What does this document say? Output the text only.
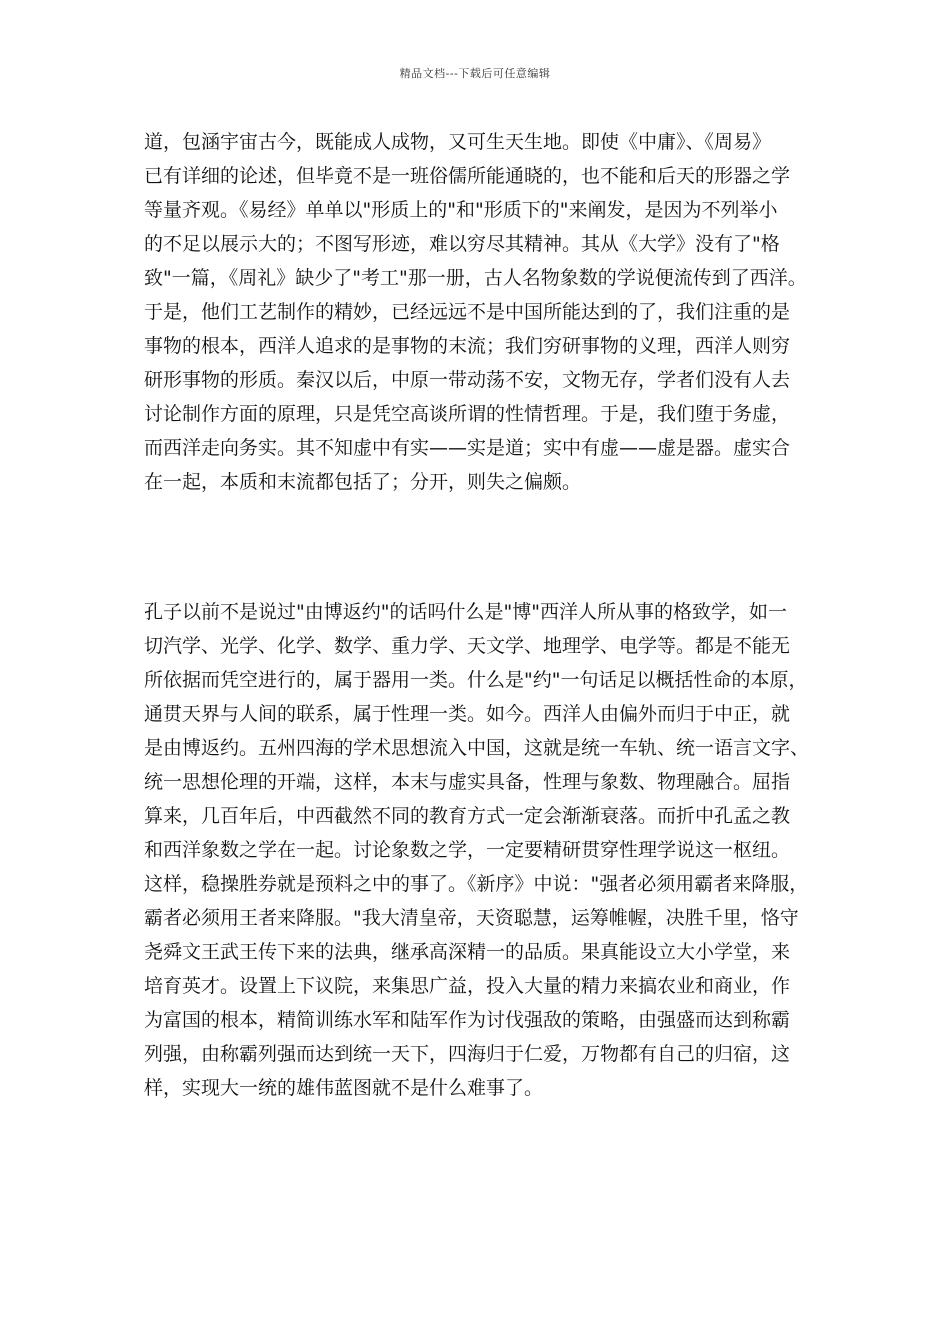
精品文档---下载后可任意编辑
道，包涵宇宙古今，既能成人成物，又可生天生地。即使《中庸》、《周易》
已有详细的论述，但毕竟不是一班俗儒所能通晓的，也不能和后天的形器之学
等量齐观。《易经》单单以"形质上的"和"形质下的"来阐发，是因为不列举小
的不足以展示大的；不图写形迹，难以穷尽其精神。其从《大学》没有了"格
致"一篇，《周礼》缺少了"考工"那一册，古人名物象数的学说便流传到了西洋。
于是，他们工艺制作的精妙，已经远远不是中国所能达到的了，我们注重的是
事物的根本，西洋人追求的是事物的末流；我们穷研事物的义理，西洋人则穷
研形事物的形质。秦汉以后，中原一带动荡不安，文物无存，学者们没有人去
讨论制作方面的原理，只是凭空高谈所谓的性情哲理。于是，我们堕于务虚，
而西洋走向务实。其不知虚中有实——实是道；实中有虚——虚是器。虚实合
在一起，本质和末流都包括了；分开，则失之偏颇。
孔子以前不是说过"由博返约"的话吗什么是"博"西洋人所从事的格致学，如一
切汽学、光学、化学、数学、重力学、天文学、地理学、电学等。都是不能无
所依据而凭空进行的，属于器用一类。什么是"约"一句话足以概括性命的本原，
通贯天界与人间的联系，属于性理一类。如今。西洋人由偏外而归于中正，就
是由博返约。五州四海的学术思想流入中国，这就是统一车轨、统一语言文字、
统一思想伦理的开端，这样，本末与虚实具备，性理与象数、物理融合。屈指
算来，几百年后，中西截然不同的教育方式一定会渐渐衰落。而折中孔孟之教
和西洋象数之学在一起。讨论象数之学，一定要精研贯穿性理学说这一枢纽。
这样，稳操胜券就是预料之中的事了。《新序》中说："强者必须用霸者来降服，
霸者必须用王者来降服。"我大清皇帝，天资聪慧，运筹帷幄，决胜千里，恪守
尧舜文王武王传下来的法典，继承高深精一的品质。果真能设立大小学堂，来
培育英才。设置上下议院，来集思广益，投入大量的精力来搞农业和商业，作
为富国的根本，精简训练水军和陆军作为讨伐强敌的策略，由强盛而达到称霸
列强，由称霸列强而达到统一天下，四海归于仁爱，万物都有自己的归宿，这
样，实现大一统的雄伟蓝图就不是什么难事了。
